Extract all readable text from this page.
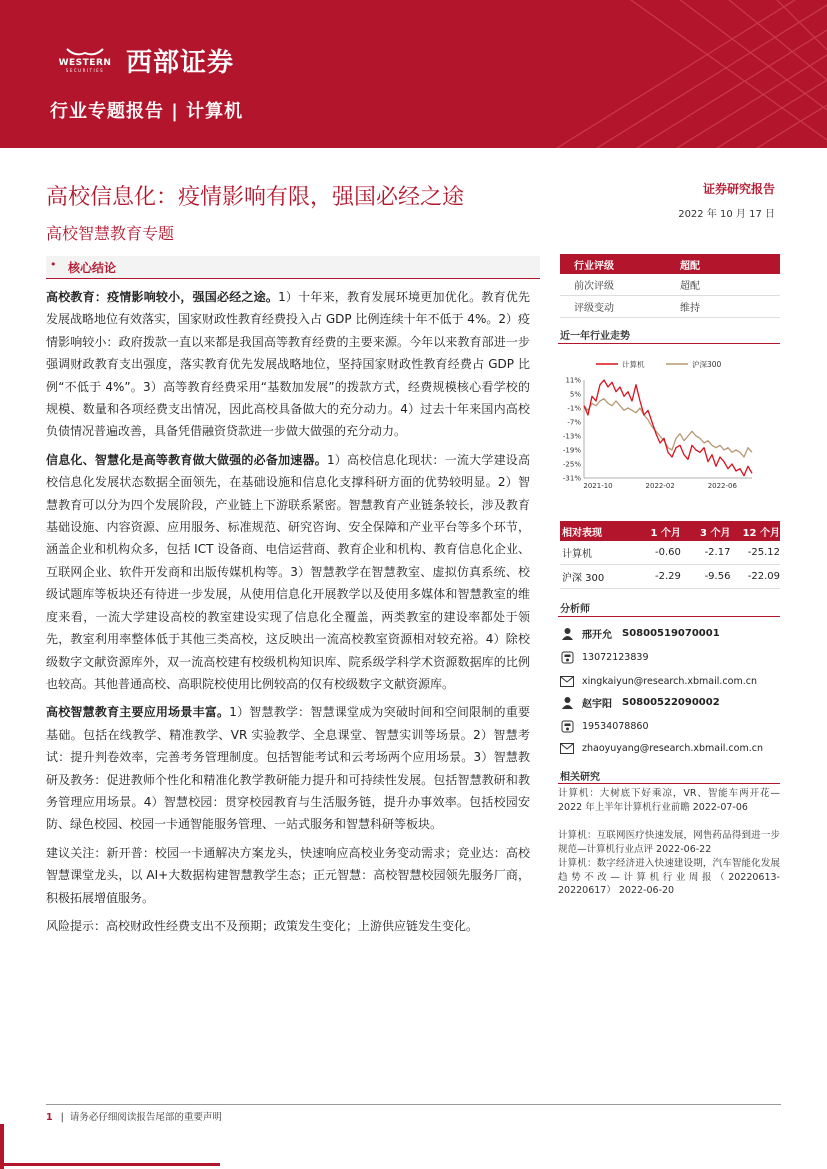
WESTERN
SECURITIES 西部证券
行业专题报告 | 计算机
高校信息化：疫情影响有限，强国必经之途
高校智慧教育专题
证券研究报告
2022 年 10 月 17 日
• 核心结论

高校教育：疫情影响较小，强国必经之途。1）十年来，教育发展环境更加优化。教育优先发展战略地位有效落实，国家财政性教育经费投入占 GDP 比例连续十年不低于 4%。2）疫情影响较小：政府拨款一直以来都是我国高等教育经费的主要来源。今年以来教育部进一步强调财政教育支出强度，落实教育优先发展战略地位，坚持国家财政性教育经费占 GDP 比例“不低于 4%”。3）高等教育经费采用“基数加发展”的拨款方式，经费规模核心看学校的规模、数量和各项经费支出情况，因此高校具备做大的充分动力。4）过去十年来国内高校负债情况普遍改善，具备凭借融资贷款进一步做大做强的充分动力。

信息化、智慧化是高等教育做大做强的必备加速器。1）高校信息化现状：一流大学建设高校信息化发展状态数据全面领先，在基础设施和信息化支撑科研方面的优势较明显。2）智慧教育可以分为四个发展阶段，产业链上下游联系紧密。智慧教育产业链条较长，涉及教育基础设施、内容资源、应用服务、标准规范、研究咨询、安全保障和产业平台等多个环节，涵盖企业和机构众多，包括 ICT 设备商、电信运营商、教育企业和机构、教育信息化企业、互联网企业、软件开发商和出版传媒机构等。3）智慧教学在智慧教室、虚拟仿真系统、校级试题库等板块还有待进一步发展，从使用信息化开展教学以及使用多媒体和智慧教室的维度来看，一流大学建设高校的教室建设实现了信息化全覆盖，两类教室的建设率都处于领先，教室利用率整体低于其他三类高校，这反映出一流高校教室资源相对较充裕。4）除校级数字文献资源库外，双一流高校建有校级机构知识库、院系级学科学术资源数据库的比例也较高。其他普通高校、高职院校使用比例较高的仅有校级数字文献资源库。

高校智慧教育主要应用场景丰富。1）智慧教学：智慧课堂成为突破时间和空间限制的重要基础。包括在线教学、精准教学、VR 实验教学、全息课堂、智慧实训等场景。2）智慧考试：提升判卷效率，完善考务管理制度。包括智能考试和云考场两个应用场景。3）智慧教研及教务：促进教师个性化和精准化教学教研能力提升和可持续性发展。包括智慧教研和教务管理应用场景。4）智慧校园：贯穿校园教育与生活服务链，提升办事效率。包括校园安防、绿色校园、校园一卡通智能服务管理、一站式服务和智慧科研等板块。

建议关注：新开普：校园一卡通解决方案龙头，快速响应高校业务变动需求；竞业达：高校智慧课堂龙头，以 AI+大数据构建智慧教学生态；正元智慧：高校智慧校园领先服务厂商，积极拓展增值服务。

风险提示：高校财政性经费支出不及预期；政策发生变化；上游供应链发生变化。

行业评级	超配
前次评级	超配
评级变动	维持
近一年行业走势
计算机	沪深300
11%
5%
-1%
-7%
-13%
-19%
-25%
-31%
2021-10	2022-02	2022-06
相对表现	1 个月	3 个月	12 个月
计算机	-0.60	-2.17	-25.12
沪深 300	-2.29	-9.56	-22.09
分析师
邢开允 S0800519070001
13072123839
xingkaiyun@research.xbmail.com.cn
赵宇阳 S0800522090002
19534078860
zhaoyuyang@research.xbmail.com.cn
相关研究
计算机：大树底下好乘凉，VR、智能车两开花—2022 年上半年计算机行业前瞻 2022-07-06
计算机：互联网医疗快速发展，网售药品得到进一步规范—计算机行业点评 2022-06-22
计算机：数字经济进入快速建设期，汽车智能化发展趋势不改—计算机行业周报（20220613-20220617） 2022-06-20
1 |  请务必仔细阅读报告尾部的重要声明
